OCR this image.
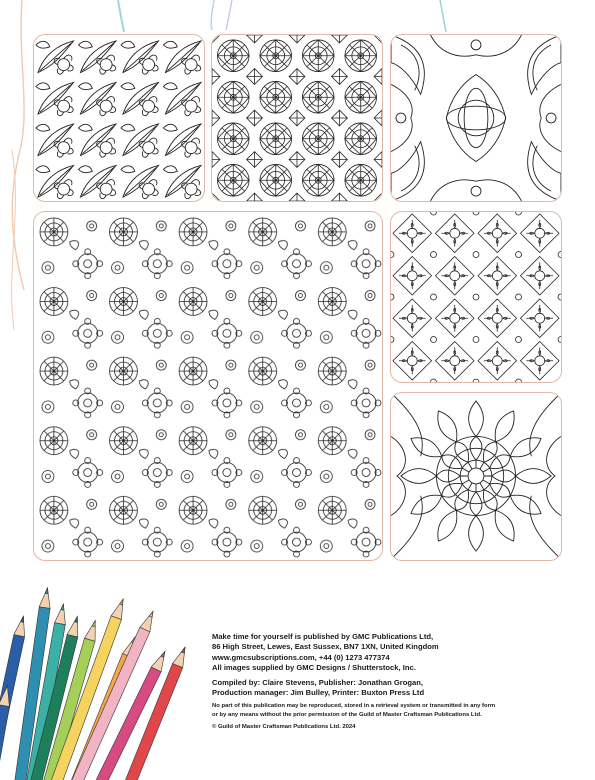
Make time for yourself is published by GMC Publications Ltd,

86 High Street, Lewes, East Sussex, BN7 1XN, United Kingdom

www.gmcsubscriptions.com, +44 (0) 1273 477374

All images supplied by GMC Designs / Shutterstock, Inc.

Compiled by: Claire Stevens, Publisher: Jonathan Grogan,

Production manager: Jim Bulley, Printer: Buxton Press Ltd

No part of this publication may be reproduced, stored in a retrieval system or transmitted in any form

or by any means without the prior permission of the Guild of Master Craftsman Publications Ltd.

© Guild of Master Craftsman Publications Ltd. 2024
